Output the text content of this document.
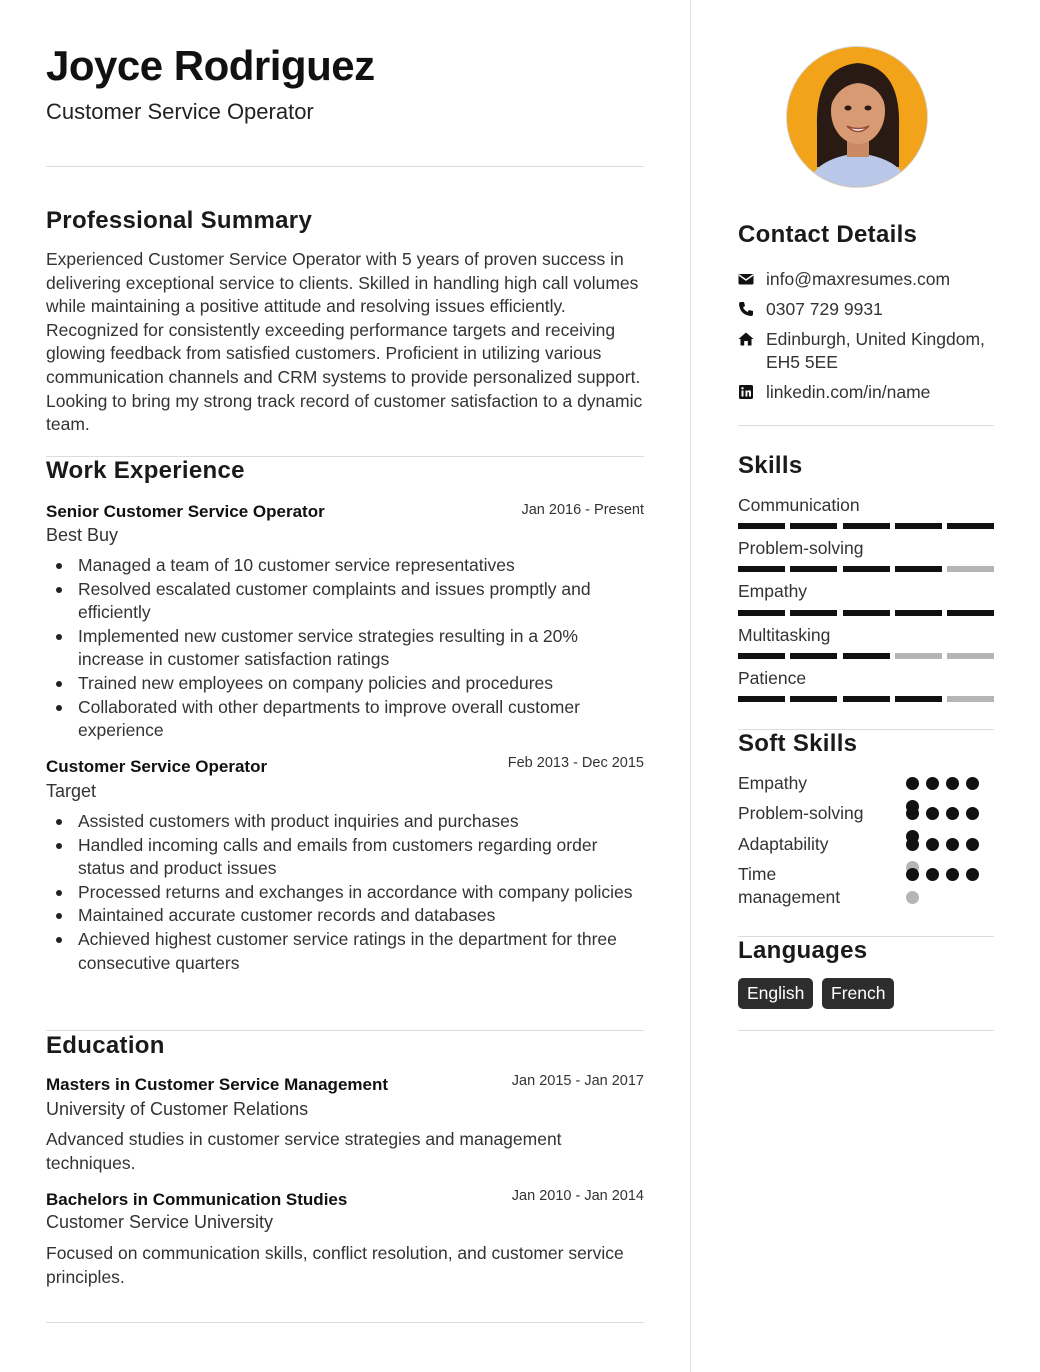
Joyce Rodriguez
Customer Service Operator
Professional Summary
Experienced Customer Service Operator with 5 years of proven success in delivering exceptional service to clients. Skilled in handling high call volumes while maintaining a positive attitude and resolving issues efficiently. Recognized for consistently exceeding performance targets and receiving glowing feedback from satisfied customers. Proficient in utilizing various communication channels and CRM systems to provide personalized support. Looking to bring my strong track record of customer satisfaction to a dynamic team.
Work Experience
Senior Customer Service Operator	Jan 2016 - Present
Best Buy
Managed a team of 10 customer service representatives
Resolved escalated customer complaints and issues promptly and efficiently
Implemented new customer service strategies resulting in a 20% increase in customer satisfaction ratings
Trained new employees on company policies and procedures
Collaborated with other departments to improve overall customer experience
Customer Service Operator	Feb 2013 - Dec 2015
Target
Assisted customers with product inquiries and purchases
Handled incoming calls and emails from customers regarding order status and product issues
Processed returns and exchanges in accordance with company policies
Maintained accurate customer records and databases
Achieved highest customer service ratings in the department for three consecutive quarters
Education
Masters in Customer Service Management	Jan 2015 - Jan 2017
University of Customer Relations
Advanced studies in customer service strategies and management techniques.
Bachelors in Communication Studies	Jan 2010 - Jan 2014
Customer Service University
Focused on communication skills, conflict resolution, and customer service principles.
Contact Details
info@maxresumes.com
0307 729 9931
Edinburgh, United Kingdom, EH5 5EE
linkedin.com/in/name
Skills
Communication
Problem-solving
Empathy
Multitasking
Patience
Soft Skills
Empathy
Problem-solving
Adaptability
Time management
Languages
English	French
